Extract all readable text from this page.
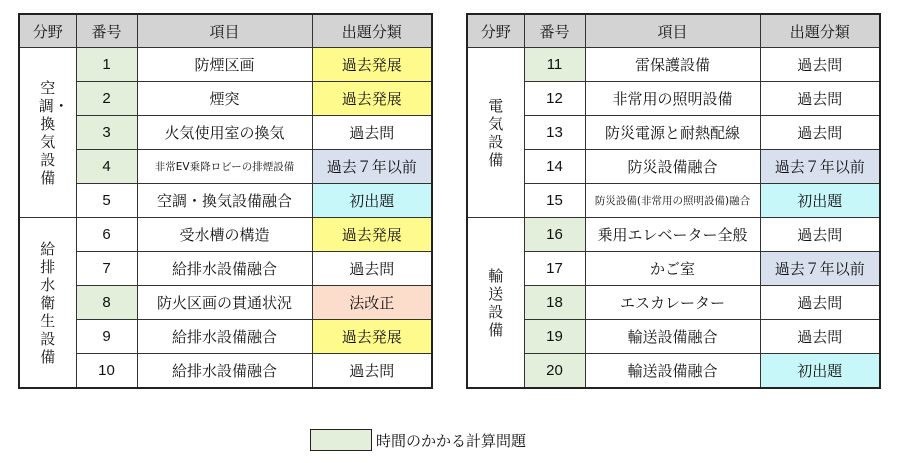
分野	番号	項目	出題分類

空調・換気設備	1	防煙区画	過去発展
	2	煙突	過去発展
	3	火気使用室の換気	過去問
	4	非常EV乗降ロビーの排煙設備	過去７年以前
	5	空調・換気設備融合	初出題

給排水衛生設備	6	受水槽の構造	過去発展
	7	給排水設備融合	過去問
	8	防火区画の貫通状況	法改正
	9	給排水設備融合	過去発展
	10	給排水設備融合	過去問
分野	番号	項目	出題分類

電気設備	11	雷保護設備	過去問
	12	非常用の照明設備	過去問
	13	防災電源と耐熱配線	過去問
	14	防災設備融合	過去７年以前
	15	防災設備(非常用の照明設備)融合	初出題

輸送設備	16	乗用エレベーター全般	過去問
	17	かご室	過去７年以前
	18	エスカレーター	過去問
	19	輸送設備融合	過去問
	20	輸送設備融合	初出題
時間のかかる計算問題
